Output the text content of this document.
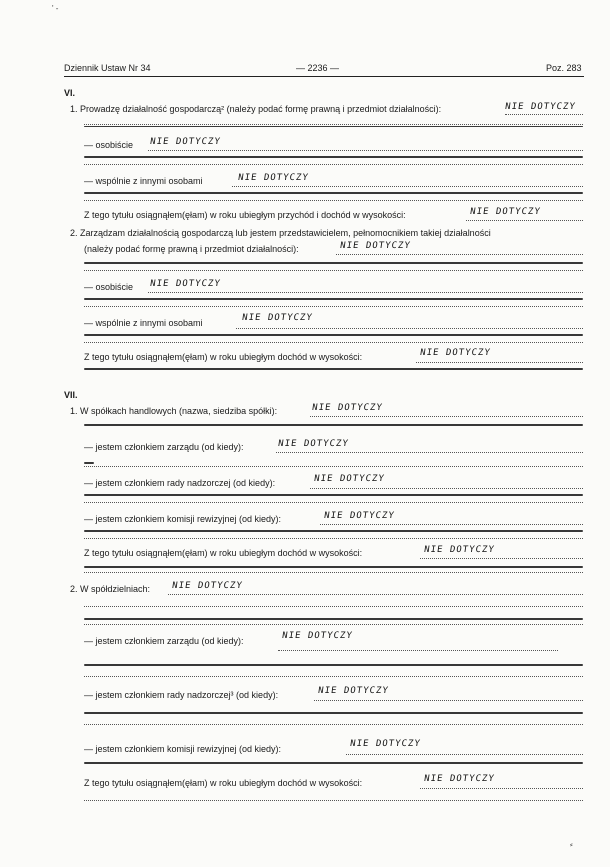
Dziennik Ustaw Nr 34	— 2236 —	Poz. 283
' -
VI.
1. Prowadzę działalność gospodarczą² (należy podać formę prawną i przedmiot działalności):	NIE DOTYCZY
— osobiście NIE DOTYCZY
— wspólnie z innymi osobami	NIE DOTYCZY
Z tego tytułu osiągnąłem(ęłam) w roku ubiegłym przychód i dochód w wysokości:	NIE DOTYCZY
2. Zarządzam działalnością gospodarczą lub jestem przedstawicielem, pełnomocnikiem takiej działalności
(należy podać formę prawną i przedmiot działalności):	NIE DOTYCZY
— osobiście NIE DOTYCZY
— wspólnie z innymi osobami	NIE DOTYCZY
Z tego tytułu osiągnąłem(ęłam) w roku ubiegłym dochód w wysokości:	NIE DOTYCZY
VII.
1. W spółkach handlowych (nazwa, siedziba spółki):	NIE DOTYCZY
— jestem członkiem zarządu (od kiedy):	NIE DOTYCZY
— jestem członkiem rady nadzorczej (od kiedy):	NIE DOTYCZY
— jestem członkiem komisji rewizyjnej (od kiedy):	NIE DOTYCZY
Z tego tytułu osiągnąłem(ęłam) w roku ubiegłym dochód w wysokości:	NIE DOTYCZY
2. W spółdzielniach: NIE DOTYCZY
— jestem członkiem zarządu (od kiedy):	NIE DOTYCZY
— jestem członkiem rady nadzorczej³ (od kiedy):	NIE DOTYCZY
— jestem członkiem komisji rewizyjnej (od kiedy):	NIE DOTYCZY
Z tego tytułu osiągnąłem(ęłam) w roku ubiegłym dochód w wysokości:	NIE DOTYCZY
⸗
